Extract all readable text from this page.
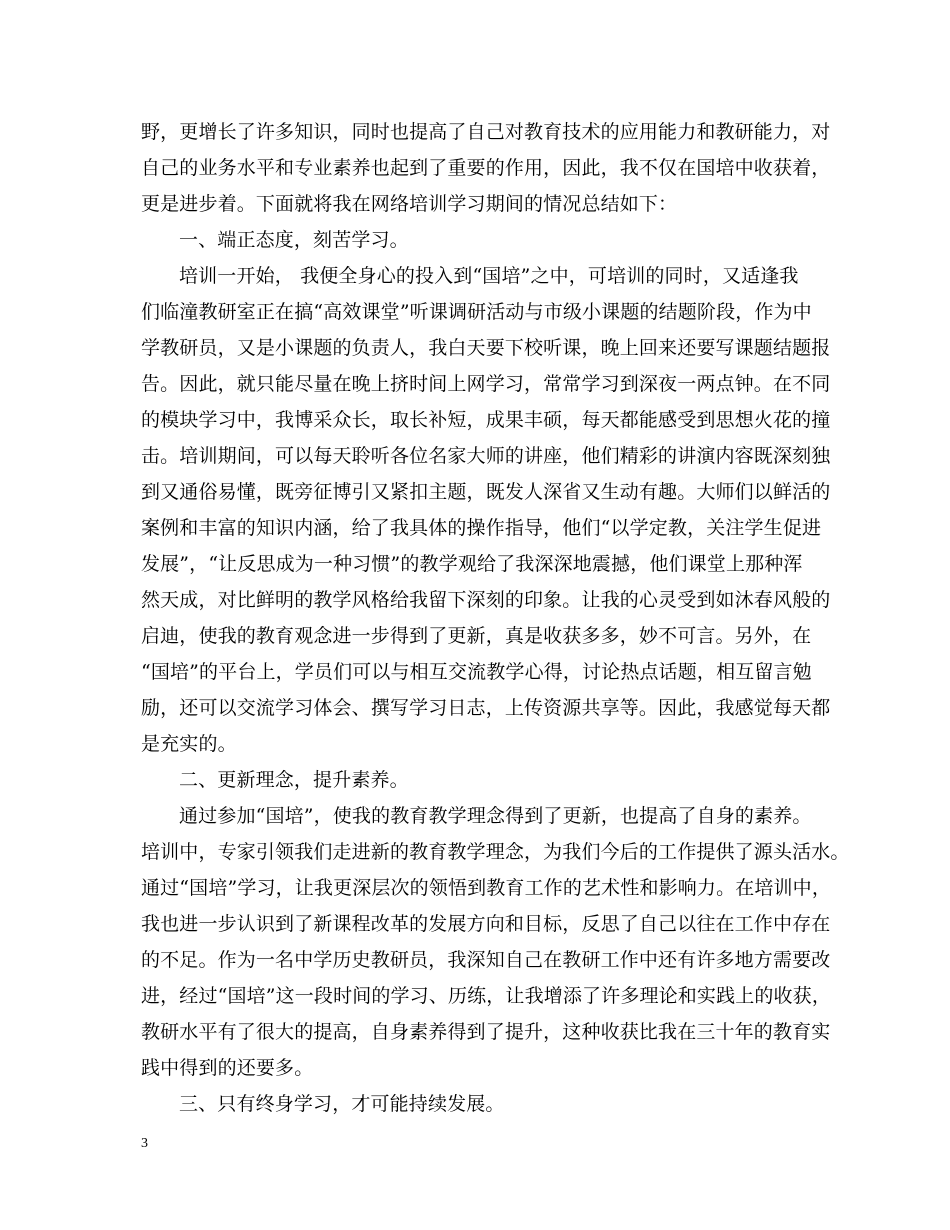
野，更增长了许多知识，同时也提高了自己对教育技术的应用能力和教研能力，对
自己的业务水平和专业素养也起到了重要的作用，因此，我不仅在国培中收获着，
更是进步着。下面就将我在网络培训学习期间的情况总结如下：
一、端正态度，刻苦学习。
培训一开始， 我便全身心的投入到“国培”之中，可培训的同时，又适逢我
们临潼教研室正在搞“高效课堂”听课调研活动与市级小课题的结题阶段，作为中
学教研员，又是小课题的负责人，我白天要下校听课，晚上回来还要写课题结题报
告。因此，就只能尽量在晚上挤时间上网学习，常常学习到深夜一两点钟。在不同
的模块学习中，我博采众长，取长补短，成果丰硕，每天都能感受到思想火花的撞
击。培训期间，可以每天聆听各位名家大师的讲座，他们精彩的讲演内容既深刻独
到又通俗易懂，既旁征博引又紧扣主题，既发人深省又生动有趣。大师们以鲜活的
案例和丰富的知识内涵，给了我具体的操作指导，他们“以学定教，关注学生促进
发展”，“让反思成为一种习惯”的教学观给了我深深地震撼，他们课堂上那种浑
然天成，对比鲜明的教学风格给我留下深刻的印象。让我的心灵受到如沐春风般的
启迪，使我的教育观念进一步得到了更新，真是收获多多，妙不可言。另外，在
“国培”的平台上，学员们可以与相互交流教学心得，讨论热点话题，相互留言勉
励，还可以交流学习体会、撰写学习日志，上传资源共享等。因此，我感觉每天都
是充实的。
二、更新理念，提升素养。
通过参加“国培”，使我的教育教学理念得到了更新，也提高了自身的素养。
培训中，专家引领我们走进新的教育教学理念，为我们今后的工作提供了源头活水。
通过“国培”学习，让我更深层次的领悟到教育工作的艺术性和影响力。在培训中，
我也进一步认识到了新课程改革的发展方向和目标，反思了自己以往在工作中存在
的不足。作为一名中学历史教研员，我深知自己在教研工作中还有许多地方需要改
进，经过“国培”这一段时间的学习、历练，让我增添了许多理论和实践上的收获，
教研水平有了很大的提高，自身素养得到了提升，这种收获比我在三十年的教育实
践中得到的还要多。
三、只有终身学习，才可能持续发展。
3
